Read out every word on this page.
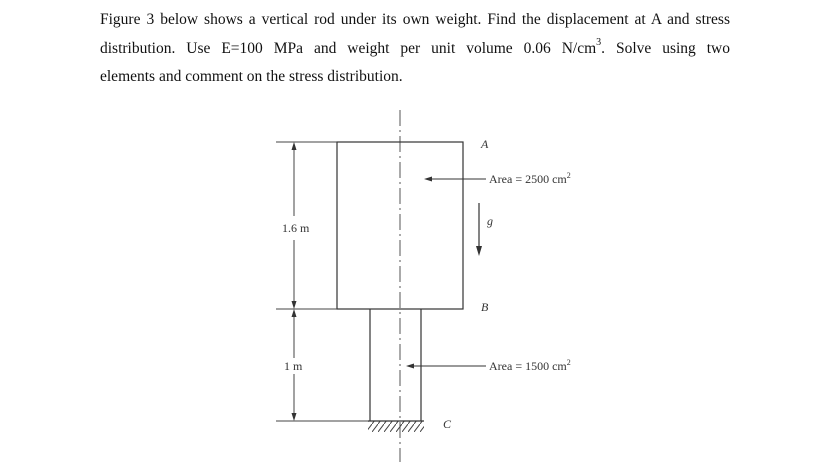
Figure 3 below shows a vertical rod under its own weight. Find the displacement at A and stress
distribution. Use E=100 MPa and weight per unit volume 0.06 $N/cm^3$. Solve using two
elements and comment on the stress distribution.

1.6 m
1 m
Area = 2500 $cm^2$
Area = 1500 $cm^2$
g
A
B
C
